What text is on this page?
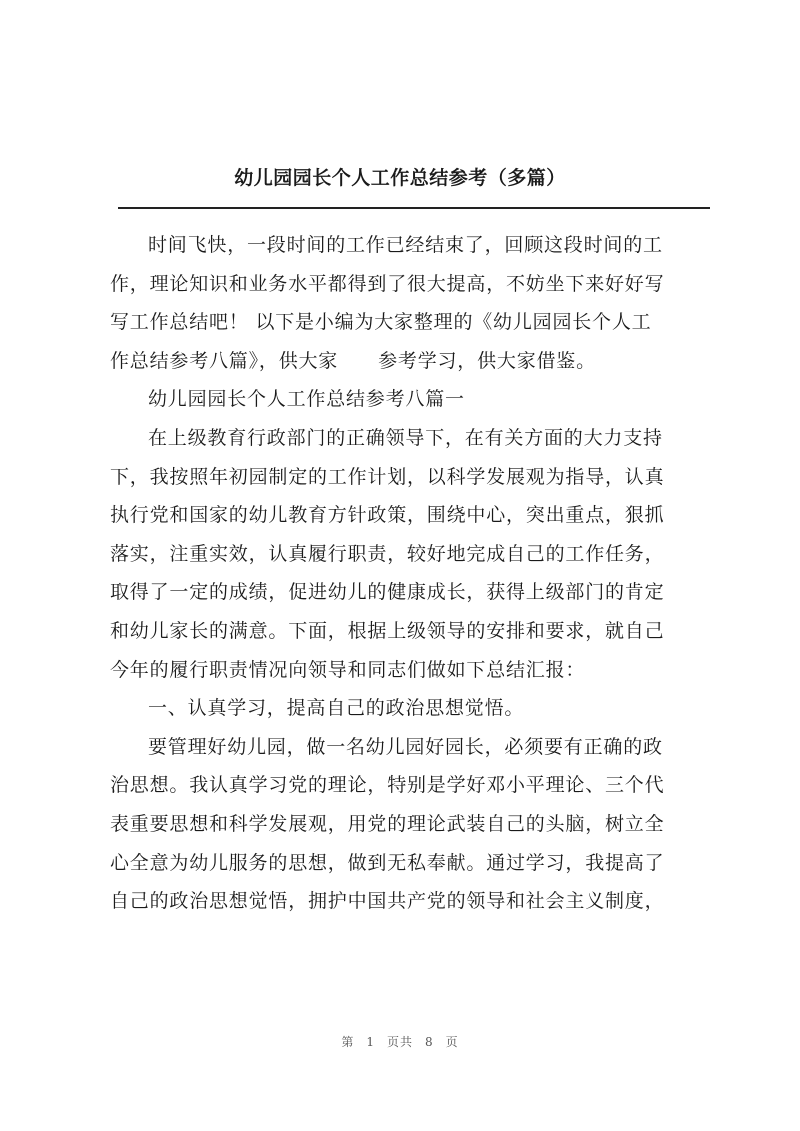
幼儿园园长个人工作总结参考（多篇）
时间飞快，一段时间的工作已经结束了，回顾这段时间的工
作，理论知识和业务水平都得到了很大提高，不妨坐下来好好写
写工作总结吧！ 以下是小编为大家整理的《幼儿园园长个人工
作总结参考八篇》，供大家 参考学习，供大家借鉴。
幼儿园园长个人工作总结参考八篇一
在上级教育行政部门的正确领导下，在有关方面的大力支持
下，我按照年初园制定的工作计划，以科学发展观为指导，认真
执行党和国家的幼儿教育方针政策，围绕中心，突出重点，狠抓
落实，注重实效，认真履行职责，较好地完成自己的工作任务，
取得了一定的成绩，促进幼儿的健康成长，获得上级部门的肯定
和幼儿家长的满意。下面，根据上级领导的安排和要求，就自己
今年的履行职责情况向领导和同志们做如下总结汇报：
一、认真学习，提高自己的政治思想觉悟。
要管理好幼儿园，做一名幼儿园好园长，必须要有正确的政
治思想。我认真学习党的理论，特别是学好邓小平理论、三个代
表重要思想和科学发展观，用党的理论武装自己的头脑，树立全
心全意为幼儿服务的思想，做到无私奉献。通过学习，我提高了
自己的政治思想觉悟，拥护中国共产党的领导和社会主义制度，
第 1 页共 8 页
